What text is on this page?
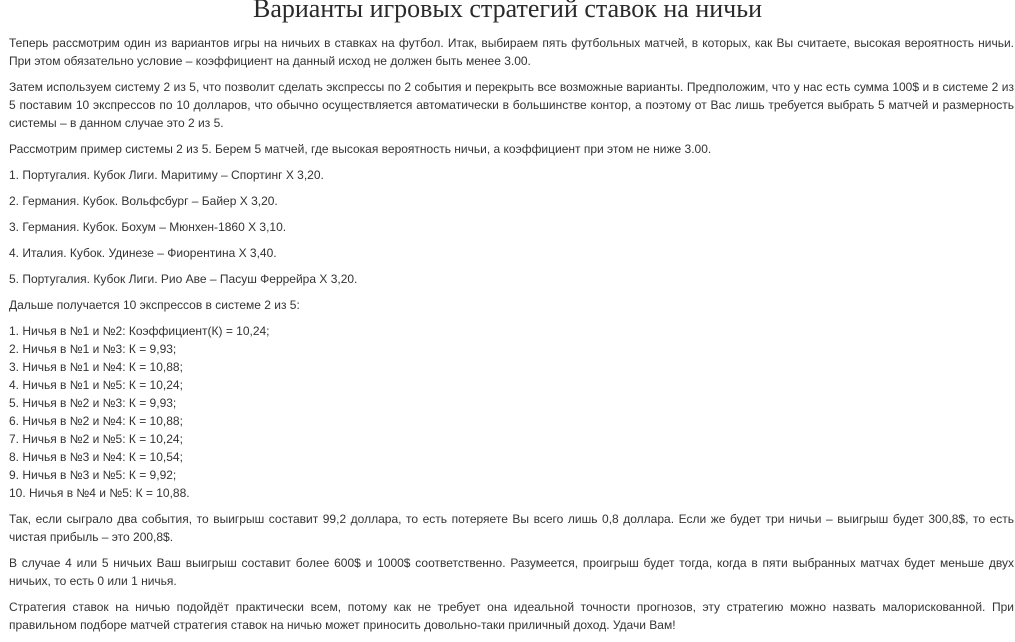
Варианты игровых стратегий ставок на ничьи

Теперь рассмотрим один из вариантов игры на ничьих в ставках на футбол. Итак, выбираем пять футбольных матчей, в которых, как Вы считаете, высокая вероятность ничьи. При этом обязательно условие – коэффициент на данный исход не должен быть менее 3.00.

Затем используем систему 2 из 5, что позволит сделать экспрессы по 2 события и перекрыть все возможные варианты. Предположим, что у нас есть сумма 100$ и в системе 2 из 5 поставим 10 экспрессов по 10 долларов, что обычно осуществляется автоматически в большинстве контор, а поэтому от Вас лишь требуется выбрать 5 матчей и размерность системы – в данном случае это 2 из 5.

Рассмотрим пример системы 2 из 5. Берем 5 матчей, где высокая вероятность ничьи, а коэффициент при этом не ниже 3.00.

1. Португалия. Кубок Лиги. Маритиму – Спортинг X 3,20.

2. Германия. Кубок. Вольфсбург – Байер X 3,20.

3. Германия. Кубок. Бохум – Мюнхен-1860 X 3,10.

4. Италия. Кубок. Удинезе – Фиорентина X 3,40.

5. Португалия. Кубок Лиги. Рио Аве – Пасуш Феррейра X 3,20.

Дальше получается 10 экспрессов в системе 2 из 5:

1. Ничья в №1 и №2: Коэффициент(К) = 10,24;
2. Ничья в №1 и №3: К = 9,93;
3. Ничья в №1 и №4: К = 10,88;
4. Ничья в №1 и №5: К = 10,24;
5. Ничья в №2 и №3: К = 9,93;
6. Ничья в №2 и №4: К = 10,88;
7. Ничья в №2 и №5: К = 10,24;
8. Ничья в №3 и №4: К = 10,54;
9. Ничья в №3 и №5: К = 9,92;
10. Ничья в №4 и №5: К = 10,88.

Так, если сыграло два события, то выигрыш составит 99,2 доллара, то есть потеряете Вы всего лишь 0,8 доллара. Если же будет три ничьи – выигрыш будет 300,8$, то есть чистая прибыль – это 200,8$.

В случае 4 или 5 ничьих Ваш выигрыш составит более 600$ и 1000$ соответственно. Разумеется, проигрыш будет тогда, когда в пяти выбранных матчах будет меньше двух ничьих, то есть 0 или 1 ничья.

Стратегия ставок на ничью подойдёт практически всем, потому как не требует она идеальной точности прогнозов, эту стратегию можно назвать малорискованной. При правильном подборе матчей стратегия ставок на ничью может приносить довольно-таки приличный доход. Удачи Вам!
